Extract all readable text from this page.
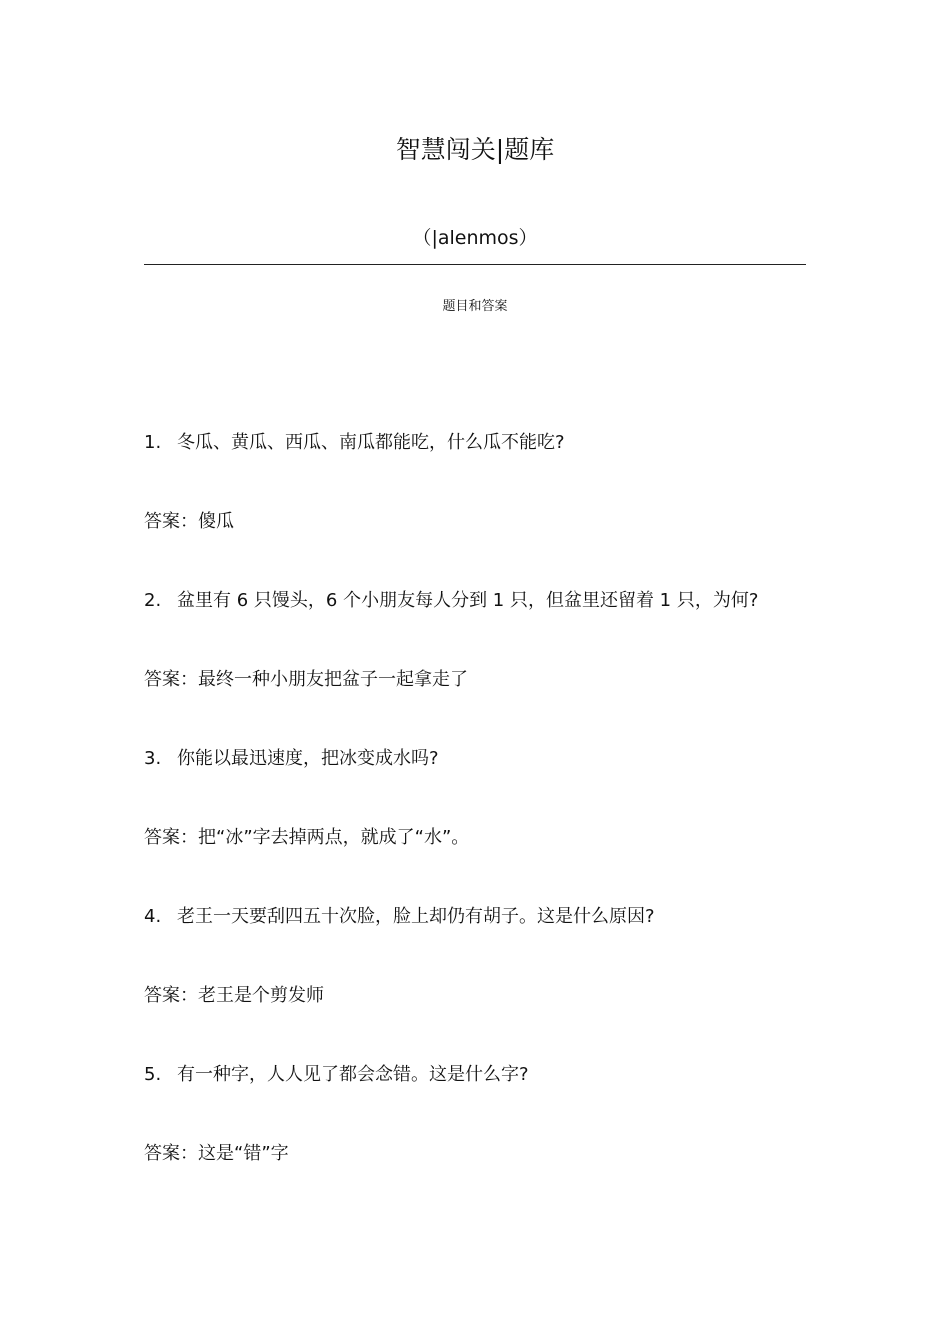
智慧闯关|题库
（|alenmos）
题目和答案
1. 冬瓜、黄瓜、西瓜、南瓜都能吃，什么瓜不能吃?
答案：傻瓜
2. 盆里有 6 只馒头，6 个小朋友每人分到 1 只，但盆里还留着 1 只，为何?
答案：最终一种小朋友把盆子一起拿走了
3. 你能以最迅速度，把冰变成水吗?
答案：把“冰”字去掉两点，就成了“水”。
4. 老王一天要刮四五十次脸，脸上却仍有胡子。这是什么原因?
答案：老王是个剪发师
5. 有一种字，人人见了都会念错。这是什么字?
答案：这是“错”字
